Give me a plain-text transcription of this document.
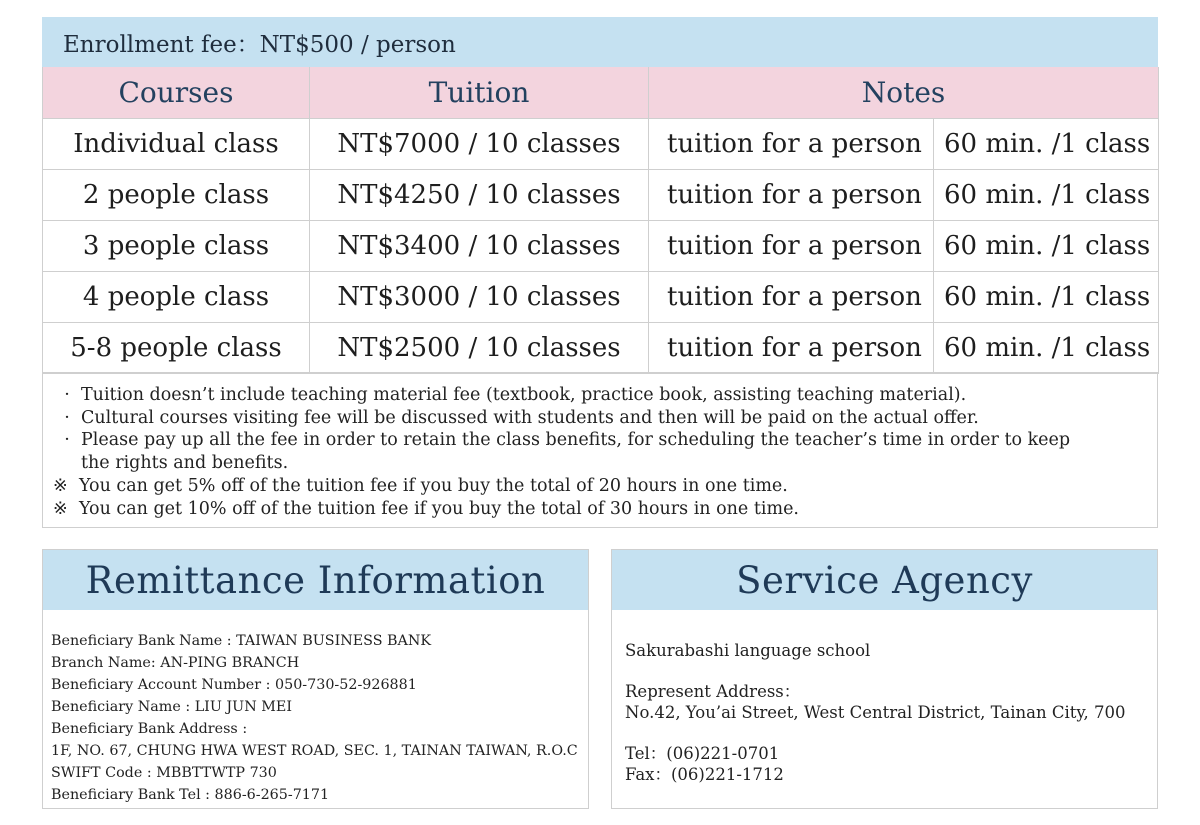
Enrollment fee：NT$500 / person
Courses	Tuition	Notes	
Individual class	NT$7000 / 10 classes	tuition for a person	60 min. /1 class
2 people class	NT$4250 / 10 classes	tuition for a person	60 min. /1 class
3 people class	NT$3400 / 10 classes	tuition for a person	60 min. /1 class
4 people class	NT$3000 / 10 classes	tuition for a person	60 min. /1 class
5-8 people class	NT$2500 / 10 classes	tuition for a person	60 min. /1 class
· Tuition doesn’t include teaching material fee (textbook, practice book, assisting teaching material).
· Cultural courses visiting fee will be discussed with students and then will be paid on the actual offer.
· Please pay up all the fee in order to retain the class benefits, for scheduling the teacher’s time in order to keep
the rights and benefits.
※ You can get 5% off of the tuition fee if you buy the total of 20 hours in one time.
※ You can get 10% off of the tuition fee if you buy the total of 30 hours in one time.
Remittance Information
Beneficiary Bank Name : TAIWAN BUSINESS BANK
Branch Name: AN-PING BRANCH
Beneficiary Account Number : 050-730-52-926881
Beneficiary Name : LIU JUN MEI
Beneficiary Bank Address :
1F, NO. 67, CHUNG HWA WEST ROAD, SEC. 1, TAINAN TAIWAN, R.O.C
SWIFT Code : MBBTTWTP 730
Beneficiary Bank Tel : 886-6-265-7171
Service Agency
Sakurabashi language school
Represent Address：
No.42, You’ai Street, West Central District, Tainan City, 700
Tel：(06)221-0701
Fax：(06)221-1712
